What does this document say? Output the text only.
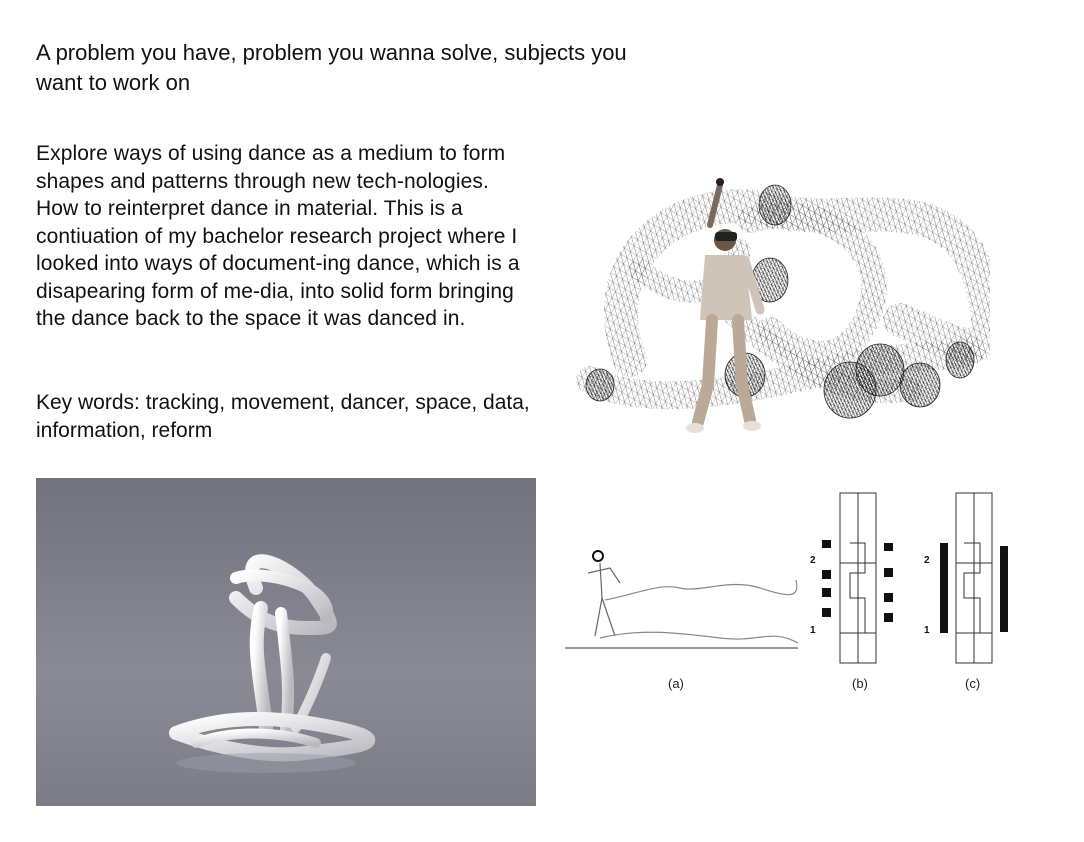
A problem you have, problem you wanna solve, subjects you want to work on

Explore ways of using dance as a medium to form shapes and patterns through new tech-nologies. How to reinterpret dance in material. This is a contiuation of my bachelor research project where I looked into ways of document-ing dance, which is a disapearing form of me-dia, into solid form bringing the dance back to the space it was danced in.

Key words: tracking, movement, dancer, space, data, information, reform

2
1
2
1
(a)	(b)	(c)
